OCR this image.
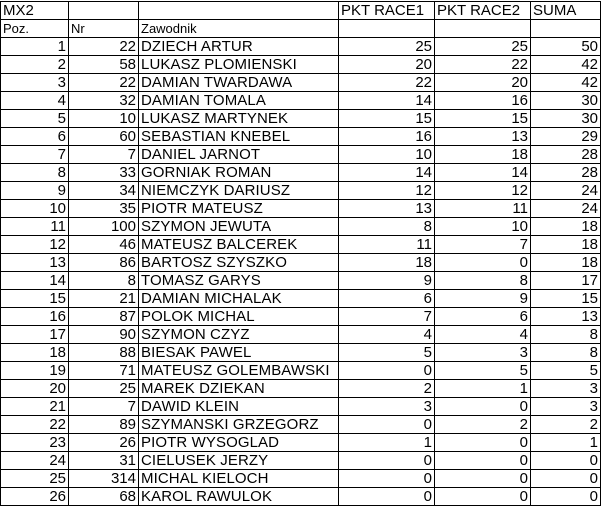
MX2			PKT RACE1	PKT RACE2	SUMA
Poz.	Nr	Zawodnik			
1	22	DZIECH ARTUR	25	25	50
2	58	LUKASZ PLOMIENSKI	20	22	42
3	22	DAMIAN TWARDAWA	22	20	42
4	32	DAMIAN TOMALA	14	16	30
5	10	LUKASZ MARTYNEK	15	15	30
6	60	SEBASTIAN KNEBEL	16	13	29
7	7	DANIEL JARNOT	10	18	28
8	33	GORNIAK ROMAN	14	14	28
9	34	NIEMCZYK DARIUSZ	12	12	24
10	35	PIOTR MATEUSZ	13	11	24
11	100	SZYMON JEWUTA	8	10	18
12	46	MATEUSZ BALCEREK	11	7	18
13	86	BARTOSZ SZYSZKO	18	0	18
14	8	TOMASZ GARYS	9	8	17
15	21	DAMIAN MICHALAK	6	9	15
16	87	POLOK MICHAL	7	6	13
17	90	SZYMON CZYZ	4	4	8
18	88	BIESAK PAWEL	5	3	8
19	71	MATEUSZ GOLEMBAWSKI	0	5	5
20	25	MAREK DZIEKAN	2	1	3
21	7	DAWID KLEIN	3	0	3
22	89	SZYMANSKI GRZEGORZ	0	2	2
23	26	PIOTR WYSOGLAD	1	0	1
24	31	CIELUSEK JERZY	0	0	0
25	314	MICHAL KIELOCH	0	0	0
26	68	KAROL RAWULOK	0	0	0
